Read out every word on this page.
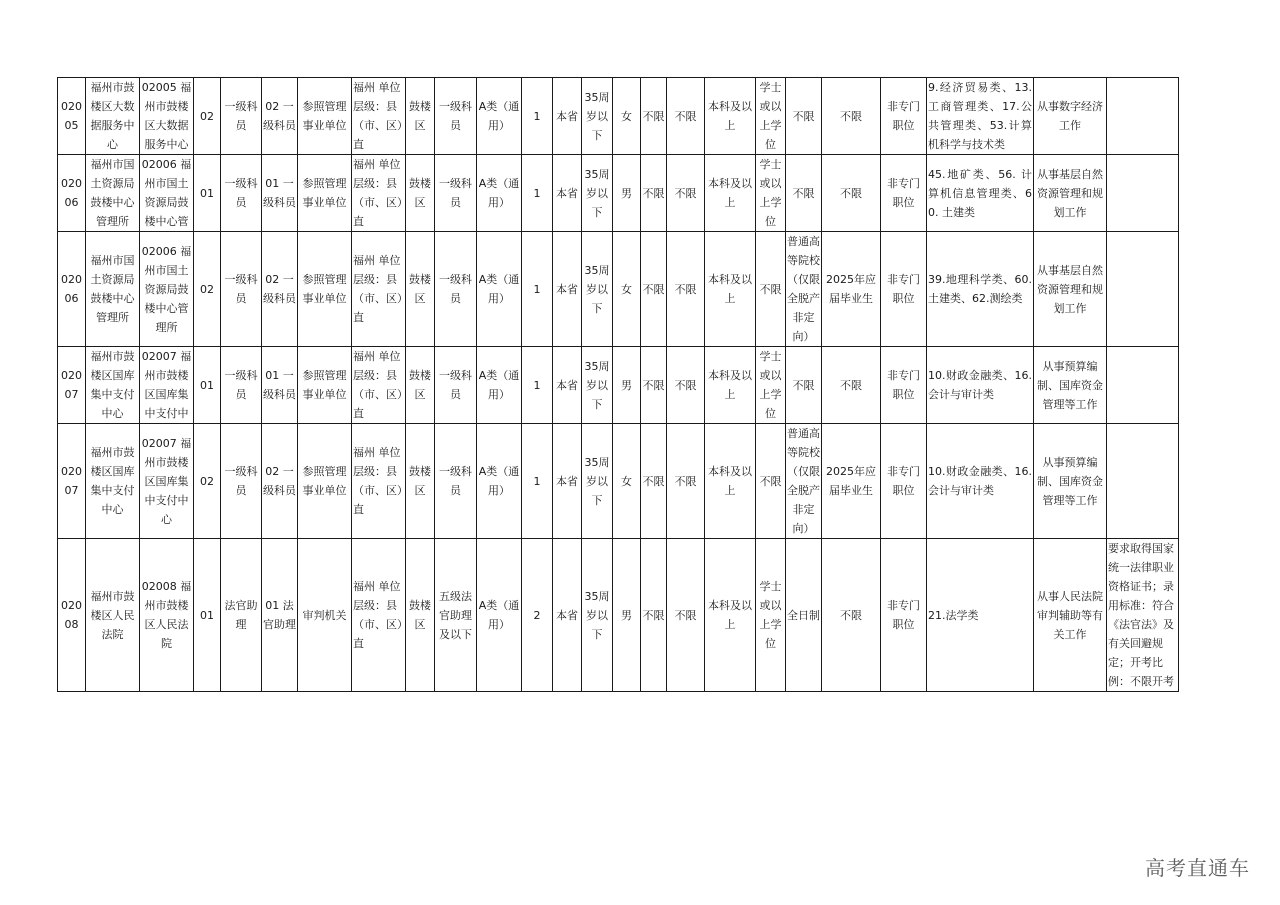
02005	福州市鼓楼区大数据服务中心	02005 福州市鼓楼区大数据服务中心	02	一级科员	02 一级科员	参照管理事业单位	福州 单位层级：县（市、区）直	鼓楼区	一级科员	A类（通用）	1	本省	35周岁以下	女	不限	不限	本科及以上	学士或以上学位	不限	不限	非专门职位	9.经济贸易类、13.工商管理类、17.公共管理类、53.计算机科学与技术类	从事数字经济工作	
02006	福州市国土资源局鼓楼中心管理所	02006 福州市国土资源局鼓楼中心管	01	一级科员	01 一级科员	参照管理事业单位	福州 单位层级：县（市、区）直	鼓楼区	一级科员	A类（通用）	1	本省	35周岁以下	男	不限	不限	本科及以上	学士或以上学位	不限	不限	非专门职位	45.地矿类、56. 计算机信息管理类、60. 土建类	从事基层自然资源管理和规划工作	
02006	福州市国土资源局鼓楼中心管理所	02006 福州市国土资源局鼓楼中心管理所	02	一级科员	02 一级科员	参照管理事业单位	福州 单位层级：县（市、区）直	鼓楼区	一级科员	A类（通用）	1	本省	35周岁以下	女	不限	不限	本科及以上	不限	普通高等院校（仅限全脱产非定向）	2025年应届毕业生	非专门职位	39.地理科学类、60.土建类、62.测绘类	从事基层自然资源管理和规划工作	
02007	福州市鼓楼区国库集中支付中心	02007 福州市鼓楼区国库集中支付中	01	一级科员	01 一级科员	参照管理事业单位	福州 单位层级：县（市、区）直	鼓楼区	一级科员	A类（通用）	1	本省	35周岁以下	男	不限	不限	本科及以上	学士或以上学位	不限	不限	非专门职位	10.财政金融类、16.会计与审计类	从事预算编制、国库资金管理等工作	
02007	福州市鼓楼区国库集中支付中心	02007 福州市鼓楼区国库集中支付中心	02	一级科员	02 一级科员	参照管理事业单位	福州 单位层级：县（市、区）直	鼓楼区	一级科员	A类（通用）	1	本省	35周岁以下	女	不限	不限	本科及以上	不限	普通高等院校（仅限全脱产非定向）	2025年应届毕业生	非专门职位	10.财政金融类、16.会计与审计类	从事预算编制、国库资金管理等工作	
02008	福州市鼓楼区人民法院	02008 福州市鼓楼区人民法院	01	法官助理	01 法官助理	审判机关	福州 单位层级：县（市、区）直	鼓楼区	五级法官助理及以下	A类（通用）	2	本省	35周岁以下	男	不限	不限	本科及以上	学士或以上学位	全日制	不限	非专门职位	21.法学类	从事人民法院审判辅助等有关工作	要求取得国家统一法律职业资格证书；录用标准：符合《法官法》及有关回避规定；开考比例：不限开考
高考直通车
